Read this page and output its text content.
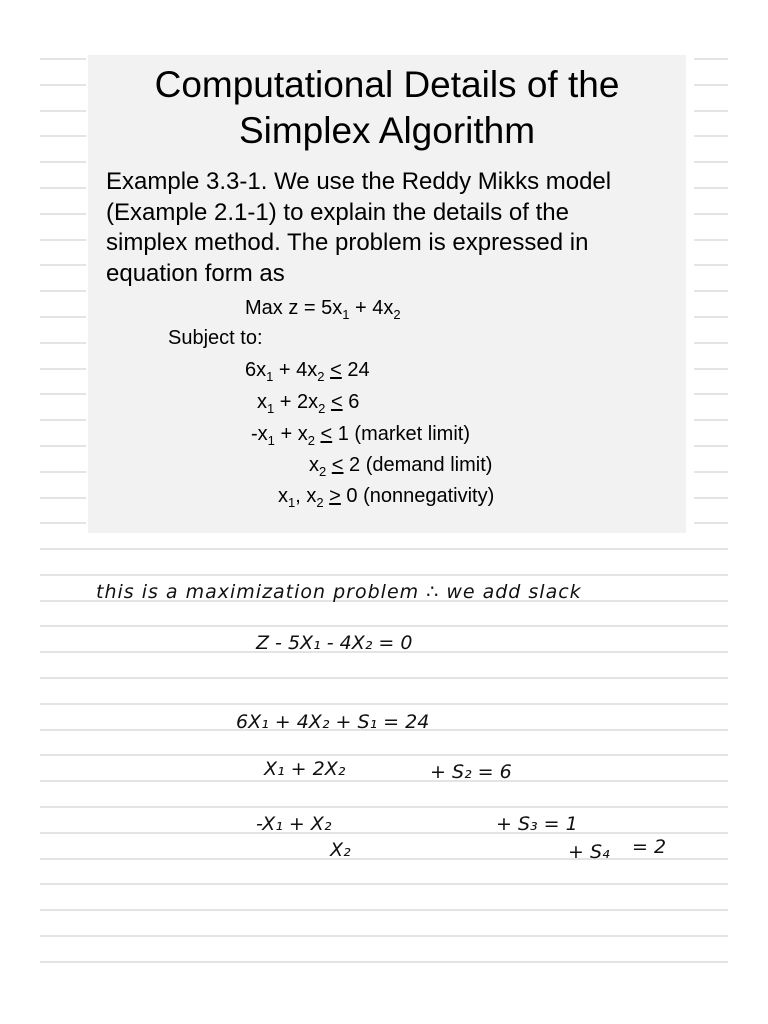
Computational Details of the
Simplex Algorithm
Example 3.3-1. We use the Reddy Mikks model
(Example 2.1-1) to explain the details of the
simplex method. The problem is expressed in
equation form as
Max $z = 5x_1 + 4x_2$
Subject to:
$6x_1 + 4x_2 < 24$
$x_1 + 2x_2 < 6$
$-x_1 + x_2 < 1$ (market limit)
$x_2 < 2$ (demand limit)
$x_1$, $x_2 > 0$ (nonnegativity)
this is a maximization problem ∴ we add slack
Z - 5X₁ - 4X₂ = 0
6X₁ + 4X₂ + S₁ = 24
X₁ + 2X₂	+ S₂ = 6
-X₁ + X₂	+ S₃ = 1
X₂	+ S₄ = 2
